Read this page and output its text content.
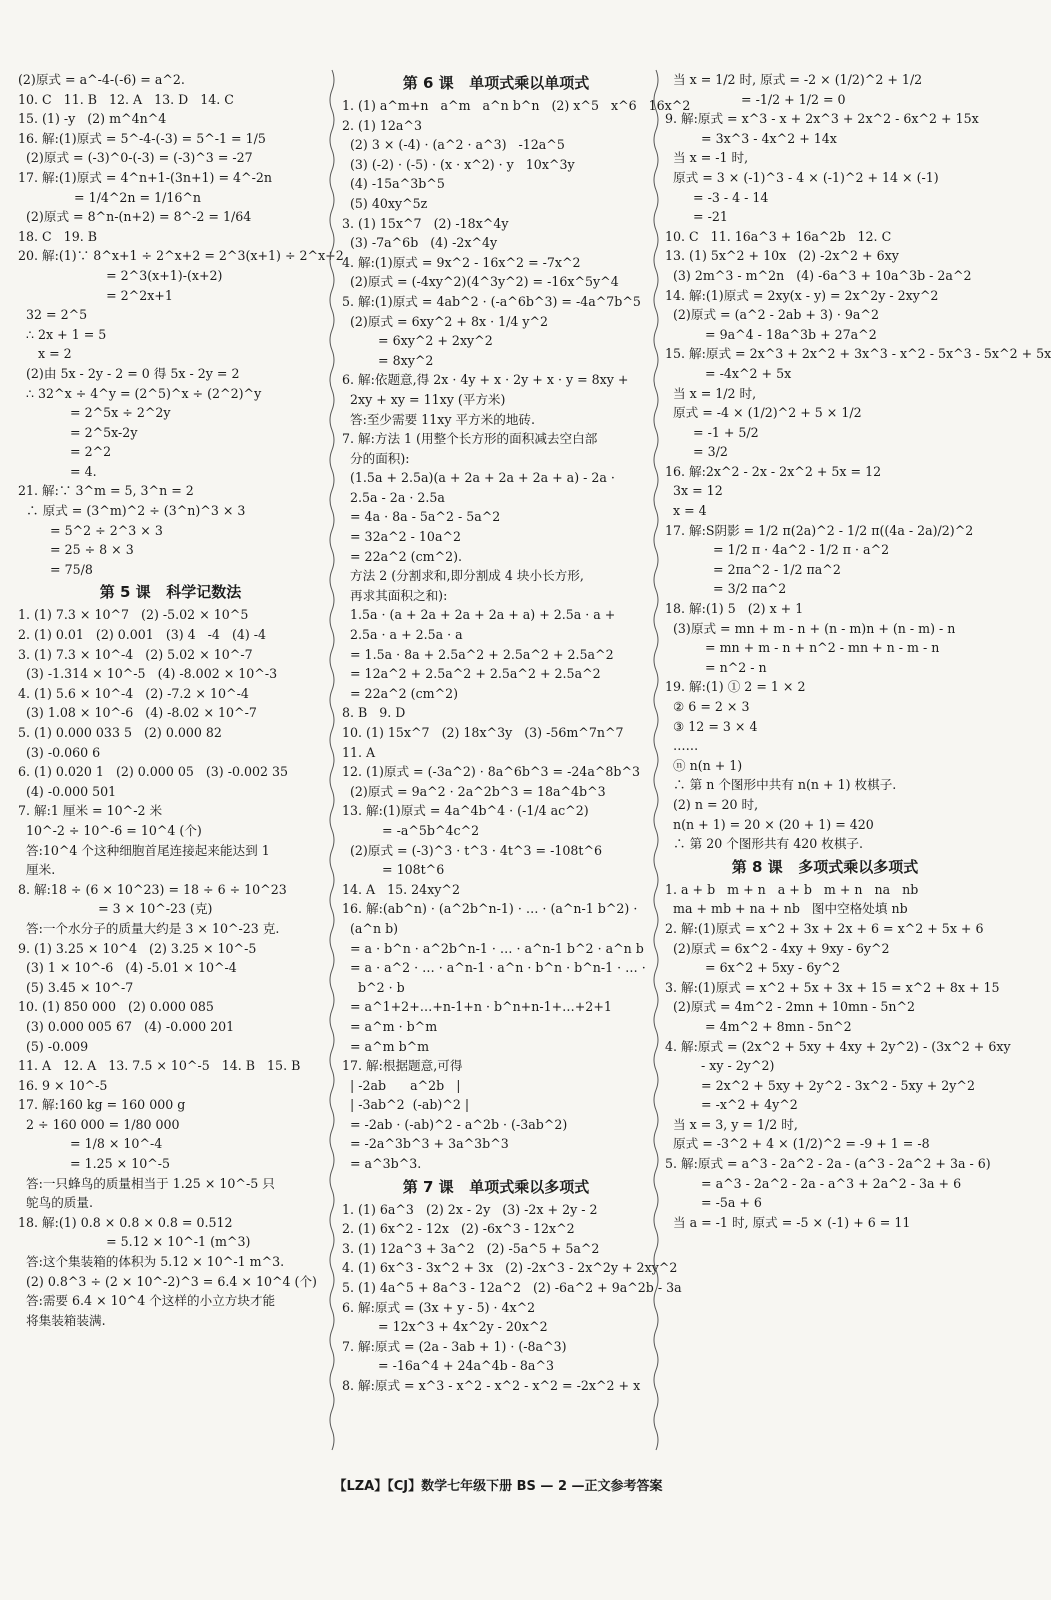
(2)原式 = a^-4-(-6) = a^2.
10. C   11. B   12. A   13. D   14. C
15. (1) -y   (2) m^4n^4
16. 解:(1)原式 = 5^-4-(-3) = 5^-1 = 1/5
(2)原式 = (-3)^0-(-3) = (-3)^3 = -27
17. 解:(1)原式 = 4^n+1-(3n+1) = 4^-2n
= 1/4^2n = 1/16^n
(2)原式 = 8^n-(n+2) = 8^-2 = 1/64
18. C   19. B
20. 解:(1)∵ 8^x+1 ÷ 2^x+2 = 2^3(x+1) ÷ 2^x+2
= 2^3(x+1)-(x+2)
= 2^2x+1
32 = 2^5
∴ 2x + 1 = 5
x = 2
(2)由 5x - 2y - 2 = 0 得 5x - 2y = 2
∴ 32^x ÷ 4^y = (2^5)^x ÷ (2^2)^y
= 2^5x ÷ 2^2y
= 2^5x-2y
= 2^2
= 4.
21. 解:∵ 3^m = 5, 3^n = 2
∴ 原式 = (3^m)^2 ÷ (3^n)^3 × 3
= 5^2 ÷ 2^3 × 3
= 25 ÷ 8 × 3
= 75/8
第 5 课   科学记数法
1. (1) 7.3 × 10^7   (2) -5.02 × 10^5
2. (1) 0.01   (2) 0.001   (3) 4   -4   (4) -4
3. (1) 7.3 × 10^-4   (2) 5.02 × 10^-7
(3) -1.314 × 10^-5   (4) -8.002 × 10^-3
4. (1) 5.6 × 10^-4   (2) -7.2 × 10^-4
(3) 1.08 × 10^-6   (4) -8.02 × 10^-7
5. (1) 0.000 033 5   (2) 0.000 82
(3) -0.060 6
6. (1) 0.020 1   (2) 0.000 05   (3) -0.002 35
(4) -0.000 501
7. 解:1 厘米 = 10^-2 米
10^-2 ÷ 10^-6 = 10^4 (个)
答:10^4 个这种细胞首尾连接起来能达到 1
厘米.
8. 解:18 ÷ (6 × 10^23) = 18 ÷ 6 ÷ 10^23
= 3 × 10^-23 (克)
答:一个水分子的质量大约是 3 × 10^-23 克.
9. (1) 3.25 × 10^4   (2) 3.25 × 10^-5
(3) 1 × 10^-6   (4) -5.01 × 10^-4
(5) 3.45 × 10^-7
10. (1) 850 000   (2) 0.000 085
(3) 0.000 005 67   (4) -0.000 201
(5) -0.009
11. A   12. A   13. 7.5 × 10^-5   14. B   15. B
16. 9 × 10^-5
17. 解:160 kg = 160 000 g
2 ÷ 160 000 = 1/80 000
= 1/8 × 10^-4
= 1.25 × 10^-5
答:一只蜂鸟的质量相当于 1.25 × 10^-5 只
鸵鸟的质量.
18. 解:(1) 0.8 × 0.8 × 0.8 = 0.512
= 5.12 × 10^-1 (m^3)
答:这个集装箱的体积为 5.12 × 10^-1 m^3.
(2) 0.8^3 ÷ (2 × 10^-2)^3 = 6.4 × 10^4 (个)
答:需要 6.4 × 10^4 个这样的小立方块才能
将集装箱装满.
第 6 课   单项式乘以单项式
1. (1) a^m+n   a^m   a^n b^n   (2) x^5   x^6   16x^2
2. (1) 12a^3
(2) 3 × (-4) · (a^2 · a^3)   -12a^5
(3) (-2) · (-5) · (x · x^2) · y   10x^3y
(4) -15a^3b^5
(5) 40xy^5z
3. (1) 15x^7   (2) -18x^4y
(3) -7a^6b   (4) -2x^4y
4. 解:(1)原式 = 9x^2 - 16x^2 = -7x^2
(2)原式 = (-4xy^2)(4^3y^2) = -16x^5y^4
5. 解:(1)原式 = 4ab^2 · (-a^6b^3) = -4a^7b^5
(2)原式 = 6xy^2 + 8x · 1/4 y^2
= 6xy^2 + 2xy^2
= 8xy^2
6. 解:依题意,得 2x · 4y + x · 2y + x · y = 8xy +
2xy + xy = 11xy (平方米)
答:至少需要 11xy 平方米的地砖.
7. 解:方法 1 (用整个长方形的面积减去空白部
分的面积):
(1.5a + 2.5a)(a + 2a + 2a + 2a + a) - 2a ·
2.5a - 2a · 2.5a
= 4a · 8a - 5a^2 - 5a^2
= 32a^2 - 10a^2
= 22a^2 (cm^2).
方法 2 (分割求和,即分割成 4 块小长方形,
再求其面积之和):
1.5a · (a + 2a + 2a + 2a + a) + 2.5a · a +
2.5a · a + 2.5a · a
= 1.5a · 8a + 2.5a^2 + 2.5a^2 + 2.5a^2
= 12a^2 + 2.5a^2 + 2.5a^2 + 2.5a^2
= 22a^2 (cm^2)
8. B   9. D
10. (1) 15x^7   (2) 18x^3y   (3) -56m^7n^7
11. A
12. (1)原式 = (-3a^2) · 8a^6b^3 = -24a^8b^3
(2)原式 = 9a^2 · 2a^2b^3 = 18a^4b^3
13. 解:(1)原式 = 4a^4b^4 · (-1/4 ac^2)
= -a^5b^4c^2
(2)原式 = (-3)^3 · t^3 · 4t^3 = -108t^6
= 108t^6
14. A   15. 24xy^2
16. 解:(ab^n) · (a^2b^n-1) · … · (a^n-1 b^2) ·
(a^n b)
= a · b^n · a^2b^n-1 · … · a^n-1 b^2 · a^n b
= a · a^2 · … · a^n-1 · a^n · b^n · b^n-1 · … ·
b^2 · b
= a^1+2+…+n-1+n · b^n+n-1+…+2+1
= a^m · b^m
= a^m b^m
17. 解:根据题意,可得
| -2ab      a^2b   |
| -3ab^2  (-ab)^2 |
= -2ab · (-ab)^2 - a^2b · (-3ab^2)
= -2a^3b^3 + 3a^3b^3
= a^3b^3.
第 7 课   单项式乘以多项式
1. (1) 6a^3   (2) 2x - 2y   (3) -2x + 2y - 2
2. (1) 6x^2 - 12x   (2) -6x^3 - 12x^2
3. (1) 12a^3 + 3a^2   (2) -5a^5 + 5a^2
4. (1) 6x^3 - 3x^2 + 3x   (2) -2x^3 - 2x^2y + 2xy^2
5. (1) 4a^5 + 8a^3 - 12a^2   (2) -6a^2 + 9a^2b - 3a
6. 解:原式 = (3x + y - 5) · 4x^2
= 12x^3 + 4x^2y - 20x^2
7. 解:原式 = (2a - 3ab + 1) · (-8a^3)
= -16a^4 + 24a^4b - 8a^3
8. 解:原式 = x^3 - x^2 - x^2 - x^2 = -2x^2 + x
当 x = 1/2 时, 原式 = -2 × (1/2)^2 + 1/2
= -1/2 + 1/2 = 0
9. 解:原式 = x^3 - x + 2x^3 + 2x^2 - 6x^2 + 15x
= 3x^3 - 4x^2 + 14x
当 x = -1 时,
原式 = 3 × (-1)^3 - 4 × (-1)^2 + 14 × (-1)
= -3 - 4 - 14
= -21
10. C   11. 16a^3 + 16a^2b   12. C
13. (1) 5x^2 + 10x   (2) -2x^2 + 6xy
(3) 2m^3 - m^2n   (4) -6a^3 + 10a^3b - 2a^2
14. 解:(1)原式 = 2xy(x - y) = 2x^2y - 2xy^2
(2)原式 = (a^2 - 2ab + 3) · 9a^2
= 9a^4 - 18a^3b + 27a^2
15. 解:原式 = 2x^3 + 2x^2 + 3x^3 - x^2 - 5x^3 - 5x^2 + 5x
= -4x^2 + 5x
当 x = 1/2 时,
原式 = -4 × (1/2)^2 + 5 × 1/2
= -1 + 5/2
= 3/2
16. 解:2x^2 - 2x - 2x^2 + 5x = 12
3x = 12
x = 4
17. 解:S阴影 = 1/2 π(2a)^2 - 1/2 π((4a - 2a)/2)^2
= 1/2 π · 4a^2 - 1/2 π · a^2
= 2πa^2 - 1/2 πa^2
= 3/2 πa^2
18. 解:(1) 5   (2) x + 1
(3)原式 = mn + m - n + (n - m)n + (n - m) - n
= mn + m - n + n^2 - mn + n - m - n
= n^2 - n
19. 解:(1) ① 2 = 1 × 2
② 6 = 2 × 3
③ 12 = 3 × 4
……
ⓝ n(n + 1)
∴ 第 n 个图形中共有 n(n + 1) 枚棋子.
(2) n = 20 时,
n(n + 1) = 20 × (20 + 1) = 420
∴ 第 20 个图形共有 420 枚棋子.
第 8 课   多项式乘以多项式
1. a + b   m + n   a + b   m + n   na   nb
ma + mb + na + nb   图中空格处填 nb
2. 解:(1)原式 = x^2 + 3x + 2x + 6 = x^2 + 5x + 6
(2)原式 = 6x^2 - 4xy + 9xy - 6y^2
= 6x^2 + 5xy - 6y^2
3. 解:(1)原式 = x^2 + 5x + 3x + 15 = x^2 + 8x + 15
(2)原式 = 4m^2 - 2mn + 10mn - 5n^2
= 4m^2 + 8mn - 5n^2
4. 解:原式 = (2x^2 + 5xy + 4xy + 2y^2) - (3x^2 + 6xy
- xy - 2y^2)
= 2x^2 + 5xy + 2y^2 - 3x^2 - 5xy + 2y^2
= -x^2 + 4y^2
当 x = 3, y = 1/2 时,
原式 = -3^2 + 4 × (1/2)^2 = -9 + 1 = -8
5. 解:原式 = a^3 - 2a^2 - 2a - (a^3 - 2a^2 + 3a - 6)
= a^3 - 2a^2 - 2a - a^3 + 2a^2 - 3a + 6
= -5a + 6
当 a = -1 时, 原式 = -5 × (-1) + 6 = 11
【LZA】【CJ】数学七年级下册 BS — 2 —正文参考答案
